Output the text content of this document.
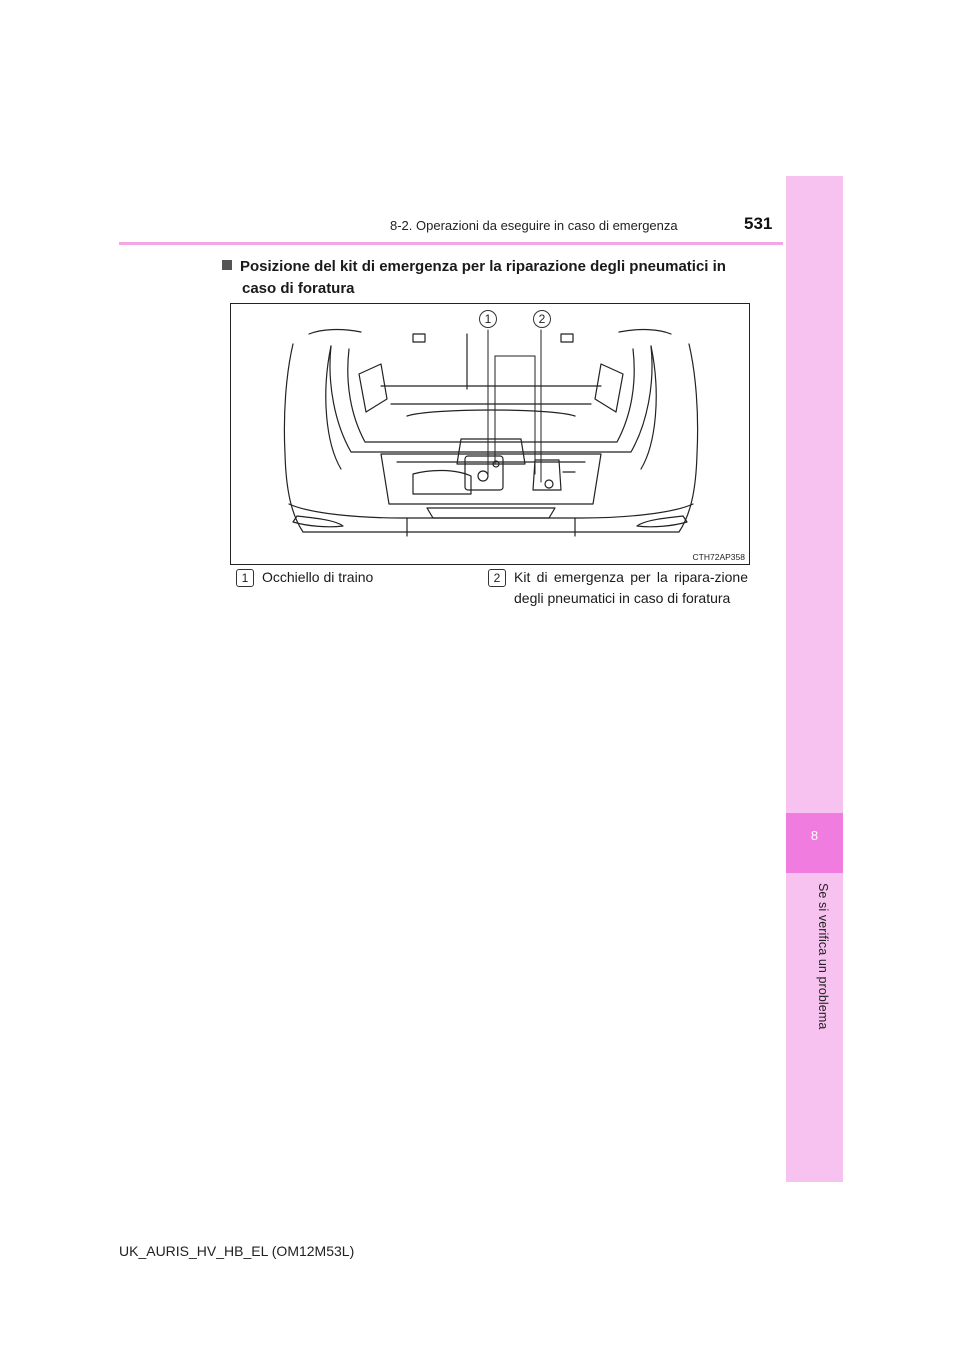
8-2. Operazioni da eseguire in caso di emergenza	531
8
Se si verifica un problema
Posizione del kit di emergenza per la riparazione degli pneumatici in
caso di foratura
1	2
CTH72AP358
1 Occhiello di traino	2 Kit di emergenza per la ripara-zione degli pneumatici in caso di foratura
UK_AURIS_HV_HB_EL (OM12M53L)
